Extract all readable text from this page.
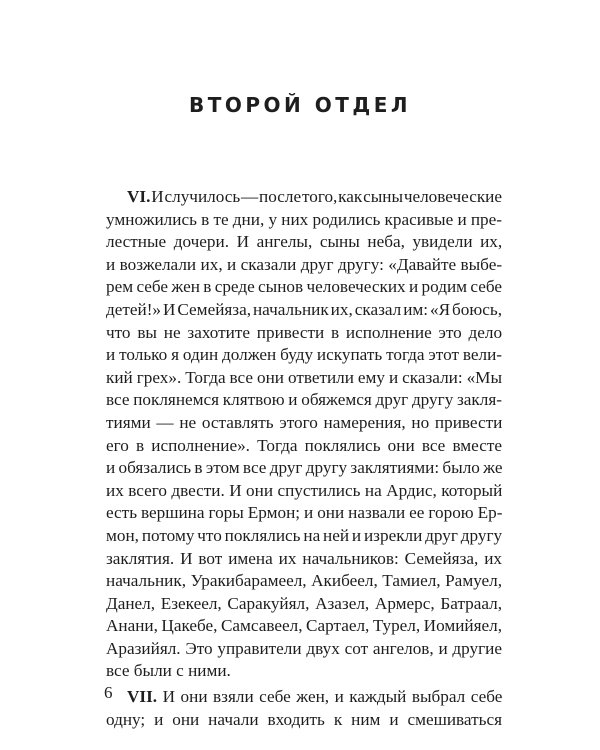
ВТОРОЙ ОТДЕЛ

VI. И случилось — после того, как сыны человеческие
умножились в те дни, у них родились красивые и пре-
лестные дочери. И ангелы, сыны неба, увидели их,
и возжелали их, и сказали друг другу: «Давайте выбе-
рем себе жен в среде сынов человеческих и родим себе
детей!» И Семейяза, начальник их, сказал им: «Я боюсь,
что вы не захотите привести в исполнение это дело
и только я один должен буду искупать тогда этот вели-
кий грех». Тогда все они ответили ему и сказали: «Мы
все поклянемся клятвою и обяжемся друг другу закля-
тиями — не оставлять этого намерения, но привести
его в исполнение». Тогда поклялись они все вместе
и обязались в этом все друг другу заклятиями: было же
их всего двести. И они спустились на Ардис, который
есть вершина горы Ермон; и они назвали ее горою Ер-
мон, потому что поклялись на ней и изрекли друг другу
заклятия. И вот имена их начальников: Семейяза, их
начальник, Уракибарамеел, Акибеел, Тамиел, Рамуел,
Данел, Езекеел, Саракуйял, Азазел, Армерс, Батраал,
Анани, Цакебе, Самсавеел, Сартаел, Турел, Иомийяел,
Аразийял. Это управители двух сот ангелов, и другие
все были с ними.

VII. И они взяли себе жен, и каждый выбрал себе
одну; и они начали входить к ним и смешиваться

6
